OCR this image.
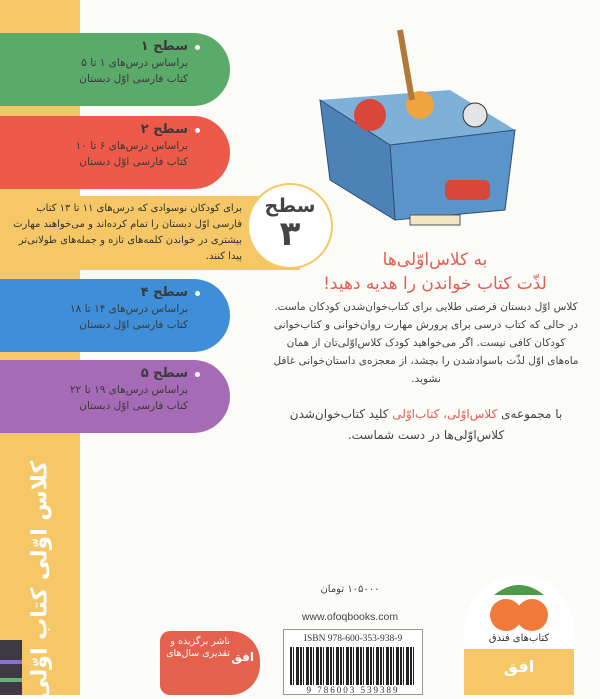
کلاس اوّلی کتاب اوّلی
سطح ۱
براساس درس‌های ۱ تا ۵
کتاب فارسی اوّل دبستان
سطح ۲
براساس درس‌های ۶ تا ۱۰
کتاب فارسی اوّل دبستان
برای کودکان نوسوادی که درس‌های ۱۱ تا ۱۳ کتاب فارسی اوّل دبستان را تمام کرده‌اند و می‌خواهند مهارت بیشتری در خواندن کلمه‌های تازه و جمله‌های طولانی‌تر پیدا کنند.
سطح
۳
سطح ۴
براساس درس‌های ۱۴ تا ۱۸
کتاب فارسی اوّل دبستان
سطح ۵
براساس درس‌های ۱۹ تا ۲۲
کتاب فارسی اوّل دبستان
به کلاس‌اوّلی‌ها
لذّت کتاب خواندن را هدیه دهید!
کلاس اوّل دبستان فرصتی طلایی برای کتاب‌خوان‌شدن کودکان ماست. در حالی که کتاب درسی برای پرورش مهارت روان‌خوانی و کتاب‌خوانی کودکان کافی نیست. اگر می‌خواهید کودک کلاس‌اوّلی‌تان از همان ماه‌های اوّل لذّت باسوادشدن را بچشد، از معجزه‌ی داستان‌خوانی غافل نشوید.
با مجموعه‌ی کلاس‌اوّلی، کتاب‌اوّلی کلید کتاب‌خوان‌شدن کلاس‌اوّلی‌ها در دست شماست.
۱۰۵۰۰۰ تومان
www.ofoqbooks.com
ISBN 978-600-353-938-9
9 786003 539389
ناشر برگزیده و تقدیری سال‌های افق
کتاب‌های فندق
افق
